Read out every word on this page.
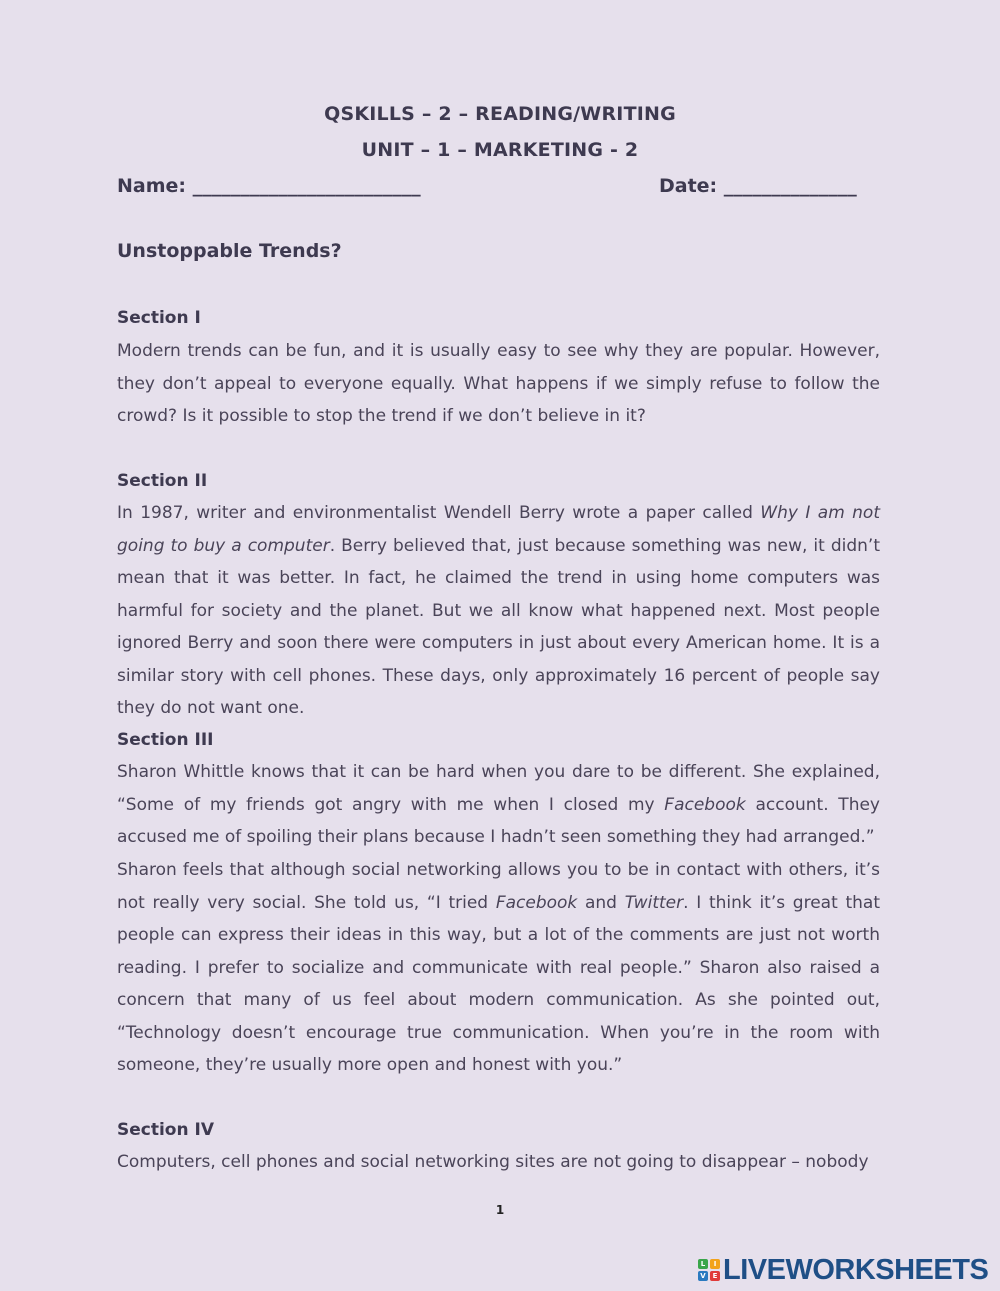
QSKILLS – 2 – READING/WRITING
UNIT – 1 – MARKETING - 2
Name: ________________________	Date: ______________
Unstoppable Trends?
Section I
Modern trends can be fun, and it is usually easy to see why they are popular. However, they don’t appeal to everyone equally. What happens if we simply refuse to follow the crowd? Is it possible to stop the trend if we don’t believe in it?
Section II
In 1987, writer and environmentalist Wendell Berry wrote a paper called Why I am not going to buy a computer. Berry believed that, just because something was new, it didn’t mean that it was better. In fact, he claimed the trend in using home computers was harmful for society and the planet. But we all know what happened next. Most people ignored Berry and soon there were computers in just about every American home. It is a similar story with cell phones. These days, only approximately 16 percent of people say they do not want one.
Section III
Sharon Whittle knows that it can be hard when you dare to be different. She explained, “Some of my friends got angry with me when I closed my Facebook account. They accused me of spoiling their plans because I hadn’t seen something they had arranged.”
Sharon feels that although social networking allows you to be in contact with others, it’s not really very social. She told us, “I tried Facebook and Twitter. I think it’s great that people can express their ideas in this way, but a lot of the comments are just not worth reading. I prefer to socialize and communicate with real people.” Sharon also raised a concern that many of us feel about modern communication. As she pointed out, “Technology doesn’t encourage true communication. When you’re in the room with someone, they’re usually more open and honest with you.”
Section IV
Computers, cell phones and social networking sites are not going to disappear – nobody
1
L	I
V E LIVEWORKSHEETS
